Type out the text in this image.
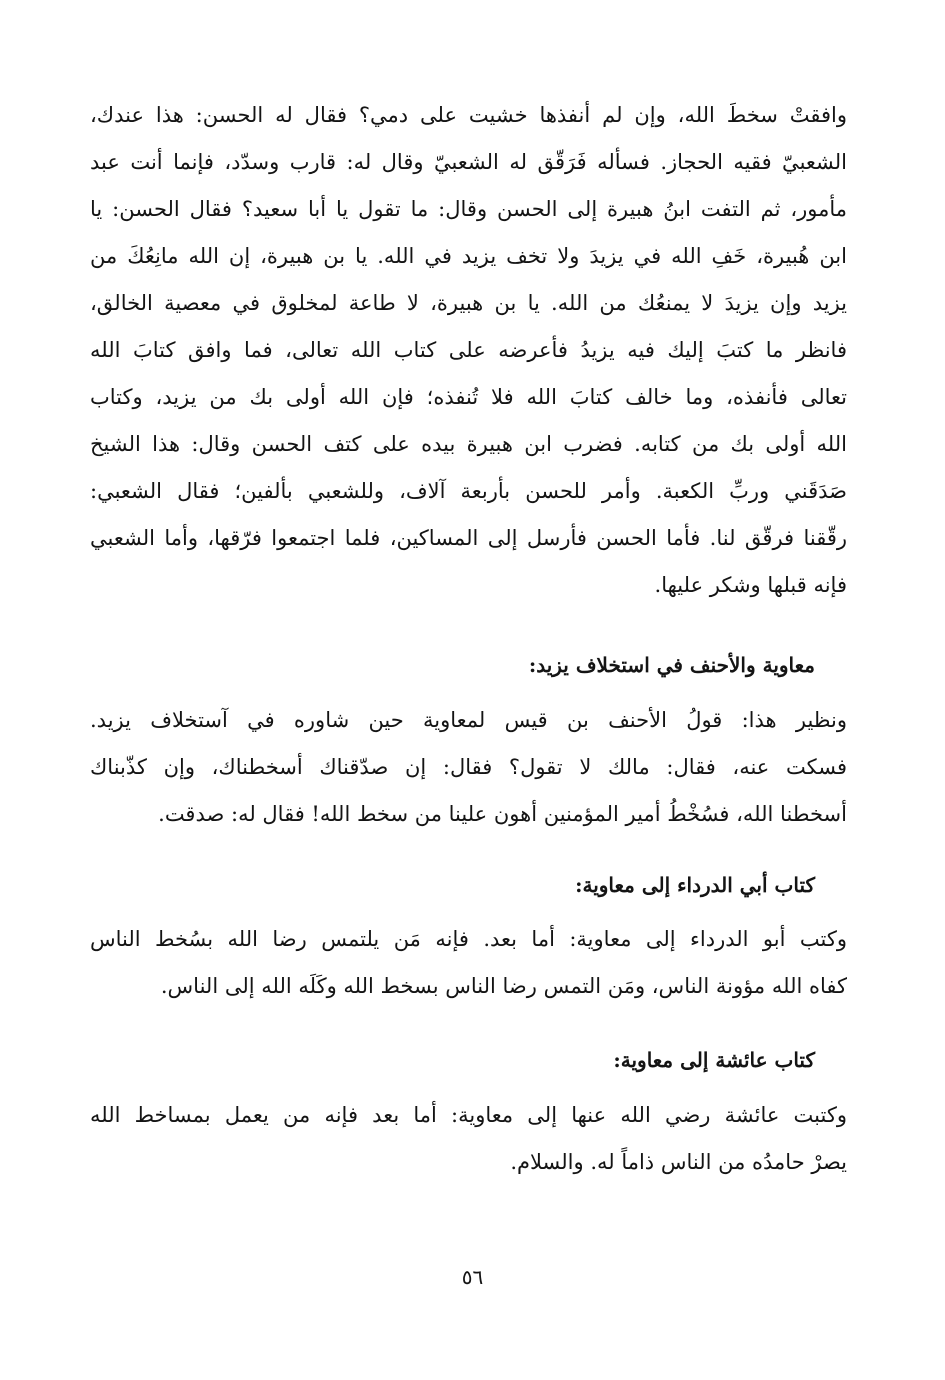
وافقتْ سخطَ الله، وإن لم أنفذها خشيت على دمي؟ فقال له الحسن: هذا عندك،
الشعبيّ فقيه الحجاز. فسأله فَرَقّق له الشعبيّ وقال له: قارب وسدّد، فإنما أنت عبد
مأمور، ثم التفت ابنُ هبيرة إلى الحسن وقال: ما تقول يا أبا سعيد؟ فقال الحسن: يا
ابن هُبيرة، خَفِ الله في يزيدَ ولا تخف يزيد في الله. يا بن هبيرة، إن الله مانِعُكَ من
يزيد وإن يزيدَ لا يمنعُك من الله. يا بن هبيرة، لا طاعة لمخلوق في معصية الخالق،
فانظر ما كتبَ إليك فيه يزيدُ فأعرضه على كتاب الله تعالى، فما وافق كتابَ الله
تعالى فأنفذه، وما خالف كتابَ الله فلا تُنفذه؛ فإن الله أولى بك من يزيد، وكتاب
الله أولى بك من كتابه. فضرب ابن هبيرة بيده على كتف الحسن وقال: هذا الشيخ
صَدَقَني وربِّ الكعبة. وأمر للحسن بأربعة آلاف، وللشعبي بألفين؛ فقال الشعبي:
رقّقنا فرقّق لنا. فأما الحسن فأرسل إلى المساكين، فلما اجتمعوا فرّقها، وأما الشعبي
فإنه قبلها وشكر عليها.
معاوية والأحنف في استخلاف يزيد:
ونظير هذا: قولُ الأحنف بن قيس لمعاوية حين شاوره في آستخلاف يزيد.
فسكت عنه، فقال: مالك لا تقول؟ فقال: إن صدّقناك أسخطناك، وإن كذّبناك
أسخطنا الله، فسُخْطُ أمير المؤمنين أهون علينا من سخط الله! فقال له: صدقت.
كتاب أبي الدرداء إلى معاوية:
وكتب أبو الدرداء إلى معاوية: أما بعد. فإنه مَن يلتمس رضا الله بسُخط الناس
كفاه الله مؤونة الناس، ومَن التمس رضا الناس بسخط الله وكَلَه الله إلى الناس.
كتاب عائشة إلى معاوية:
وكتبت عائشة رضي الله عنها إلى معاوية: أما بعد فإنه من يعمل بمساخط الله
يصرْ حامدُه من الناس ذاماً له. والسلام.
٥٦
